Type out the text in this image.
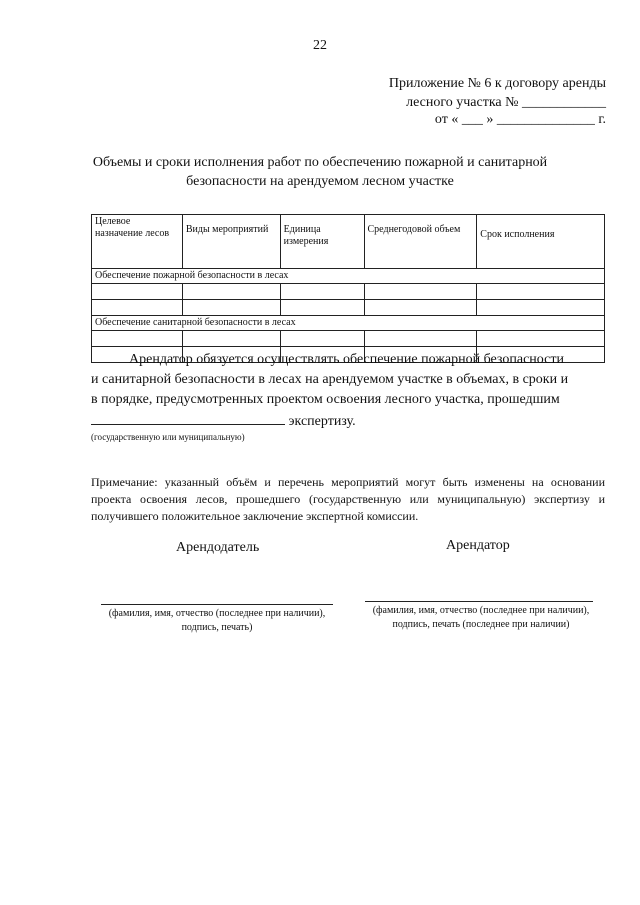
22
Приложение № 6 к договору аренды
лесного участка № ____________
от « ___ » ______________ г.
Объемы и сроки исполнения работ по обеспечению пожарной и санитарной
безопасности на арендуемом лесном участке
Целевое назначение лесов	Виды мероприятий	Единица измерения	Среднегодовой объем	Срок исполнения
Обеспечение пожарной безопасности в лесах				

Обеспечение санитарной безопасности в лесах				

Арендатор обязуется осуществлять обеспечение пожарной безопасности
и санитарной безопасности в лесах на арендуемом участке в объемах, в сроки и
в порядке, предусмотренных проектом освоения лесного участка, прошедшим
экспертизу.
(государственную или муниципальную)
Примечание: указанный объём и перечень мероприятий могут быть изменены на основании проекта освоения лесов, прошедшего (государственную или муниципальную) экспертизу и получившего положительное заключение экспертной комиссии.
Арендодатель	Арендатор
(фамилия, имя, отчество (последнее при наличии),
подпись, печать)
(фамилия, имя, отчество (последнее при наличии),
подпись, печать (последнее при наличии)
